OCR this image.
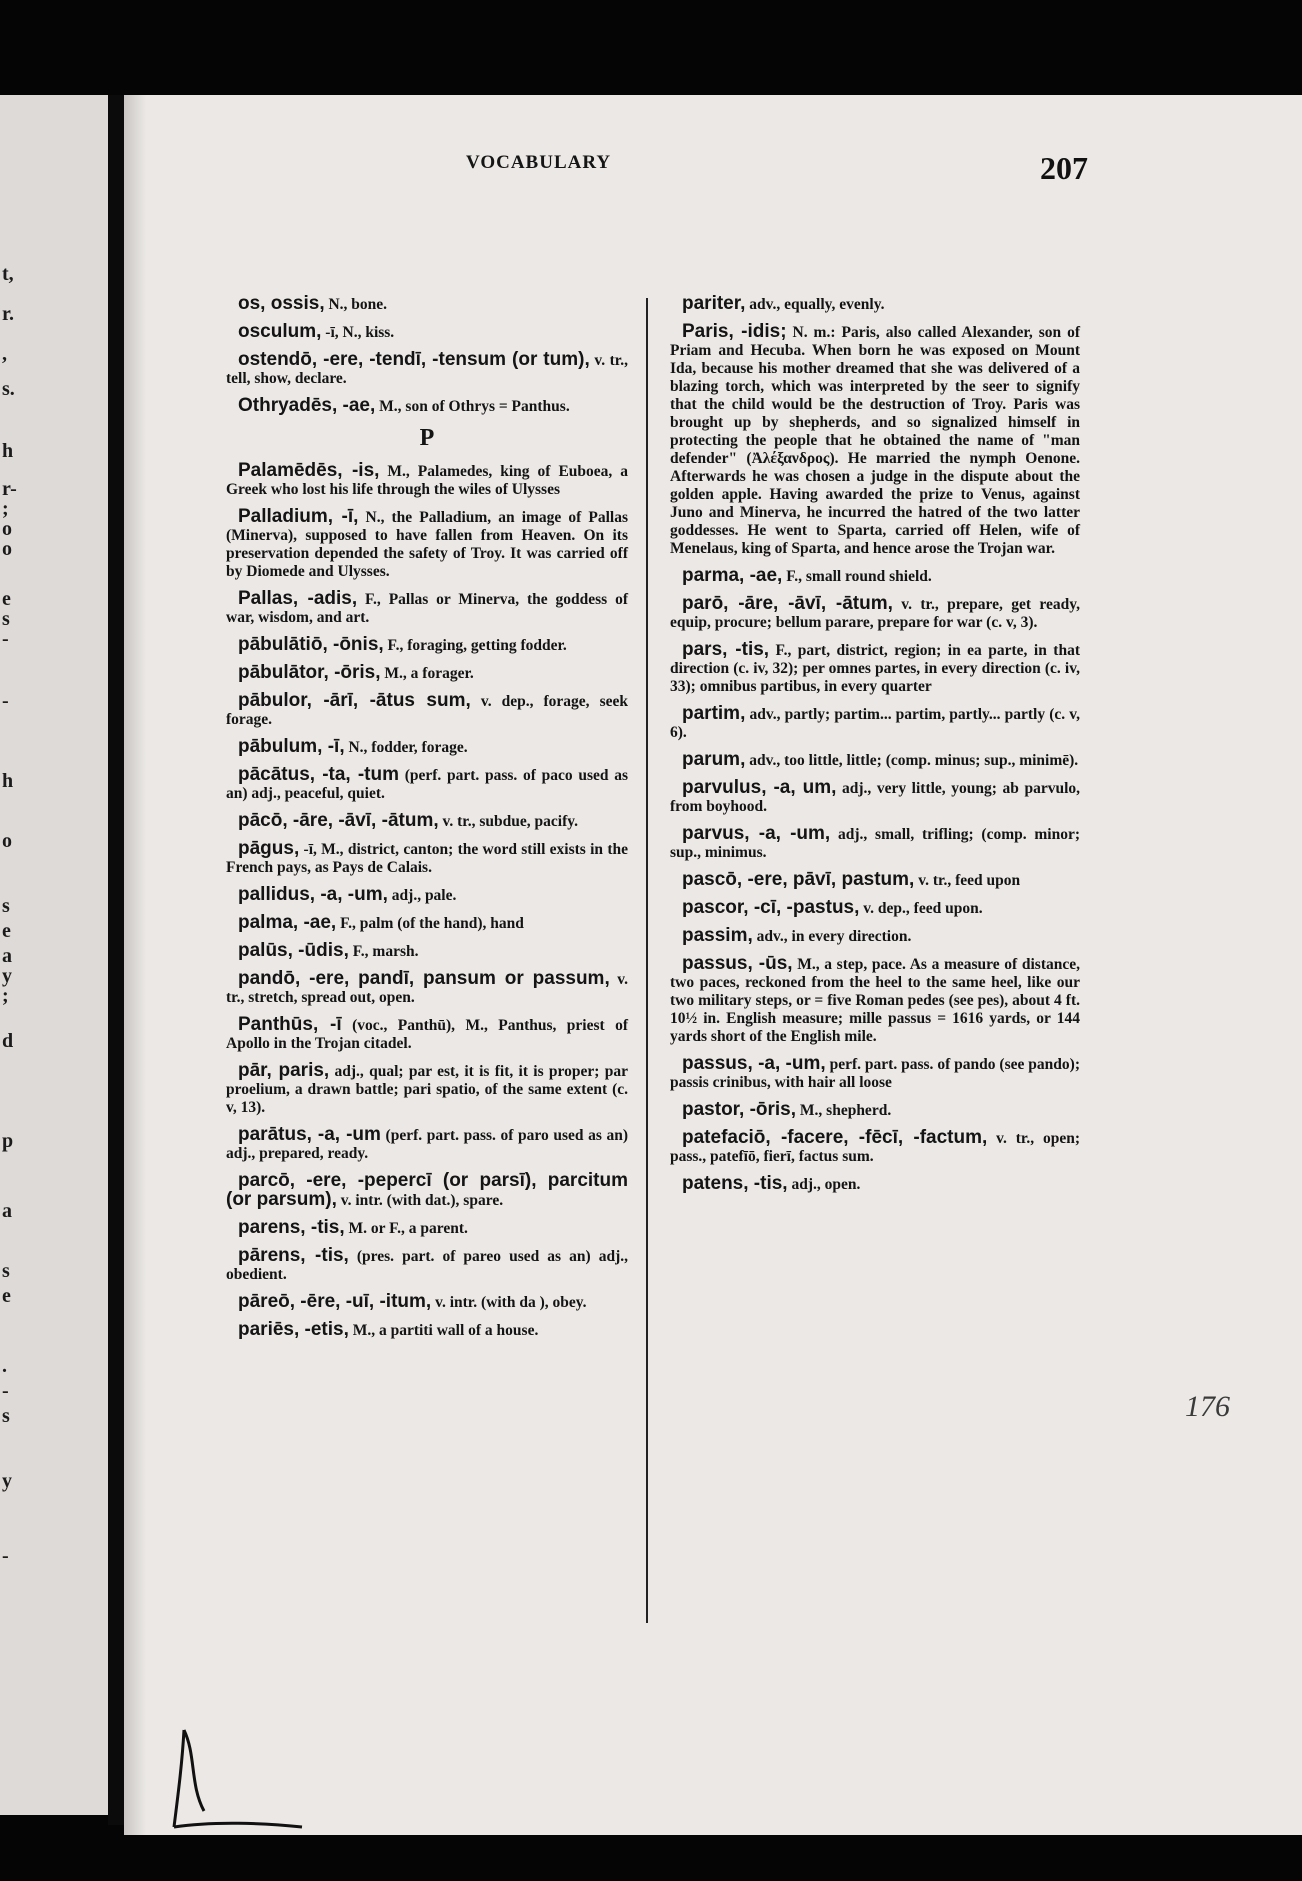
t,
r.
,
s.
h
r-
;
o
o
e
s
-
-
h
o
s
e
a
y
;
d
p
a
s
e
.
-
s
y
-
VOCABULARY	207
os, ossis, N., bone.
osculum, -ī, N., kiss.
ostendō, -ere, -tendī, -tensum (or tum), v. tr., tell, show, declare.
Othryadēs, -ae, M., son of Othrys = Panthus.
P
Palamēdēs, -is, M., Palamedes, king of Euboea, a Greek who lost his life through the wiles of Ulysses
Palladium, -ī, N., the Palladium, an image of Pallas (Minerva), supposed to have fallen from Heaven. On its preservation depended the safety of Troy. It was carried off by Diomede and Ulysses.
Pallas, -adis, F., Pallas or Minerva, the goddess of war, wisdom, and art.
pābulātiō, -ōnis, F., foraging, getting fodder.
pābulātor, -ōris, M., a forager.
pābulor, -ārī, -ātus sum, v. dep., forage, seek forage.
pābulum, -ī, N., fodder, forage.
pācātus, -ta, -tum (perf. part. pass. of paco used as an) adj., peaceful, quiet.
pācō, -āre, -āvī, -ātum, v. tr., subdue, pacify.
pāgus, -ī, M., district, canton; the word still exists in the French pays, as Pays de Calais.
pallidus, -a, -um, adj., pale.
palma, -ae, F., palm (of the hand), hand
palūs, -ūdis, F., marsh.
pandō, -ere, pandī, pansum or passum, v. tr., stretch, spread out, open.
Panthūs, -ī (voc., Panthū), M., Panthus, priest of Apollo in the Trojan citadel.
pār, paris, adj., qual; par est, it is fit, it is proper; par proelium, a drawn battle; pari spatio, of the same extent (c. v, 13).
parātus, -a, -um (perf. part. pass. of paro used as an) adj., prepared, ready.
parcō, -ere, -pepercī (or parsī), parcitum (or parsum), v. intr. (with dat.), spare.
parens, -tis, M. or F., a parent.
pārens, -tis, (pres. part. of pareo used as an) adj., obedient.
pāreō, -ēre, -uī, -itum, v. intr. (with da ), obey.
pariēs, -etis, M., a partiti wall of a house.
pariter, adv., equally, evenly.
Paris, -idis; N. m.: Paris, also called Alexander, son of Priam and Hecuba. When born he was exposed on Mount Ida, because his mother dreamed that she was delivered of a blazing torch, which was interpreted by the seer to signify that the child would be the destruction of Troy. Paris was brought up by shepherds, and so signalized himself in protecting the people that he obtained the name of "man defender" (Ἀλέξανδρος). He married the nymph Oenone. Afterwards he was chosen a judge in the dispute about the golden apple. Having awarded the prize to Venus, against Juno and Minerva, he incurred the hatred of the two latter goddesses. He went to Sparta, carried off Helen, wife of Menelaus, king of Sparta, and hence arose the Trojan war.
parma, -ae, F., small round shield.
parō, -āre, -āvī, -ātum, v. tr., prepare, get ready, equip, procure; bellum parare, prepare for war (c. v, 3).
pars, -tis, F., part, district, region; in ea parte, in that direction (c. iv, 32); per omnes partes, in every direction (c. iv, 33); omnibus partibus, in every quarter
partim, adv., partly; partim... partim, partly... partly (c. v, 6).
parum, adv., too little, little; (comp. minus; sup., minimē).
parvulus, -a, um, adj., very little, young; ab parvulo, from boyhood.
parvus, -a, -um, adj., small, trifling; (comp. minor; sup., minimus.
pascō, -ere, pāvī, pastum, v. tr., feed upon
pascor, -cī, -pastus, v. dep., feed upon.
passim, adv., in every direction.
passus, -ūs, M., a step, pace. As a measure of distance, two paces, reckoned from the heel to the same heel, like our two military steps, or = five Roman pedes (see pes), about 4 ft. 10½ in. English measure; mille passus = 1616 yards, or 144 yards short of the English mile.
passus, -a, -um, perf. part. pass. of pando (see pando); passis crinibus, with hair all loose
pastor, -ōris, M., shepherd.
patefaciō, -facere, -fēcī, -factum, v. tr., open; pass., patefīō, fierī, factus sum.
patens, -tis, adj., open.
176
